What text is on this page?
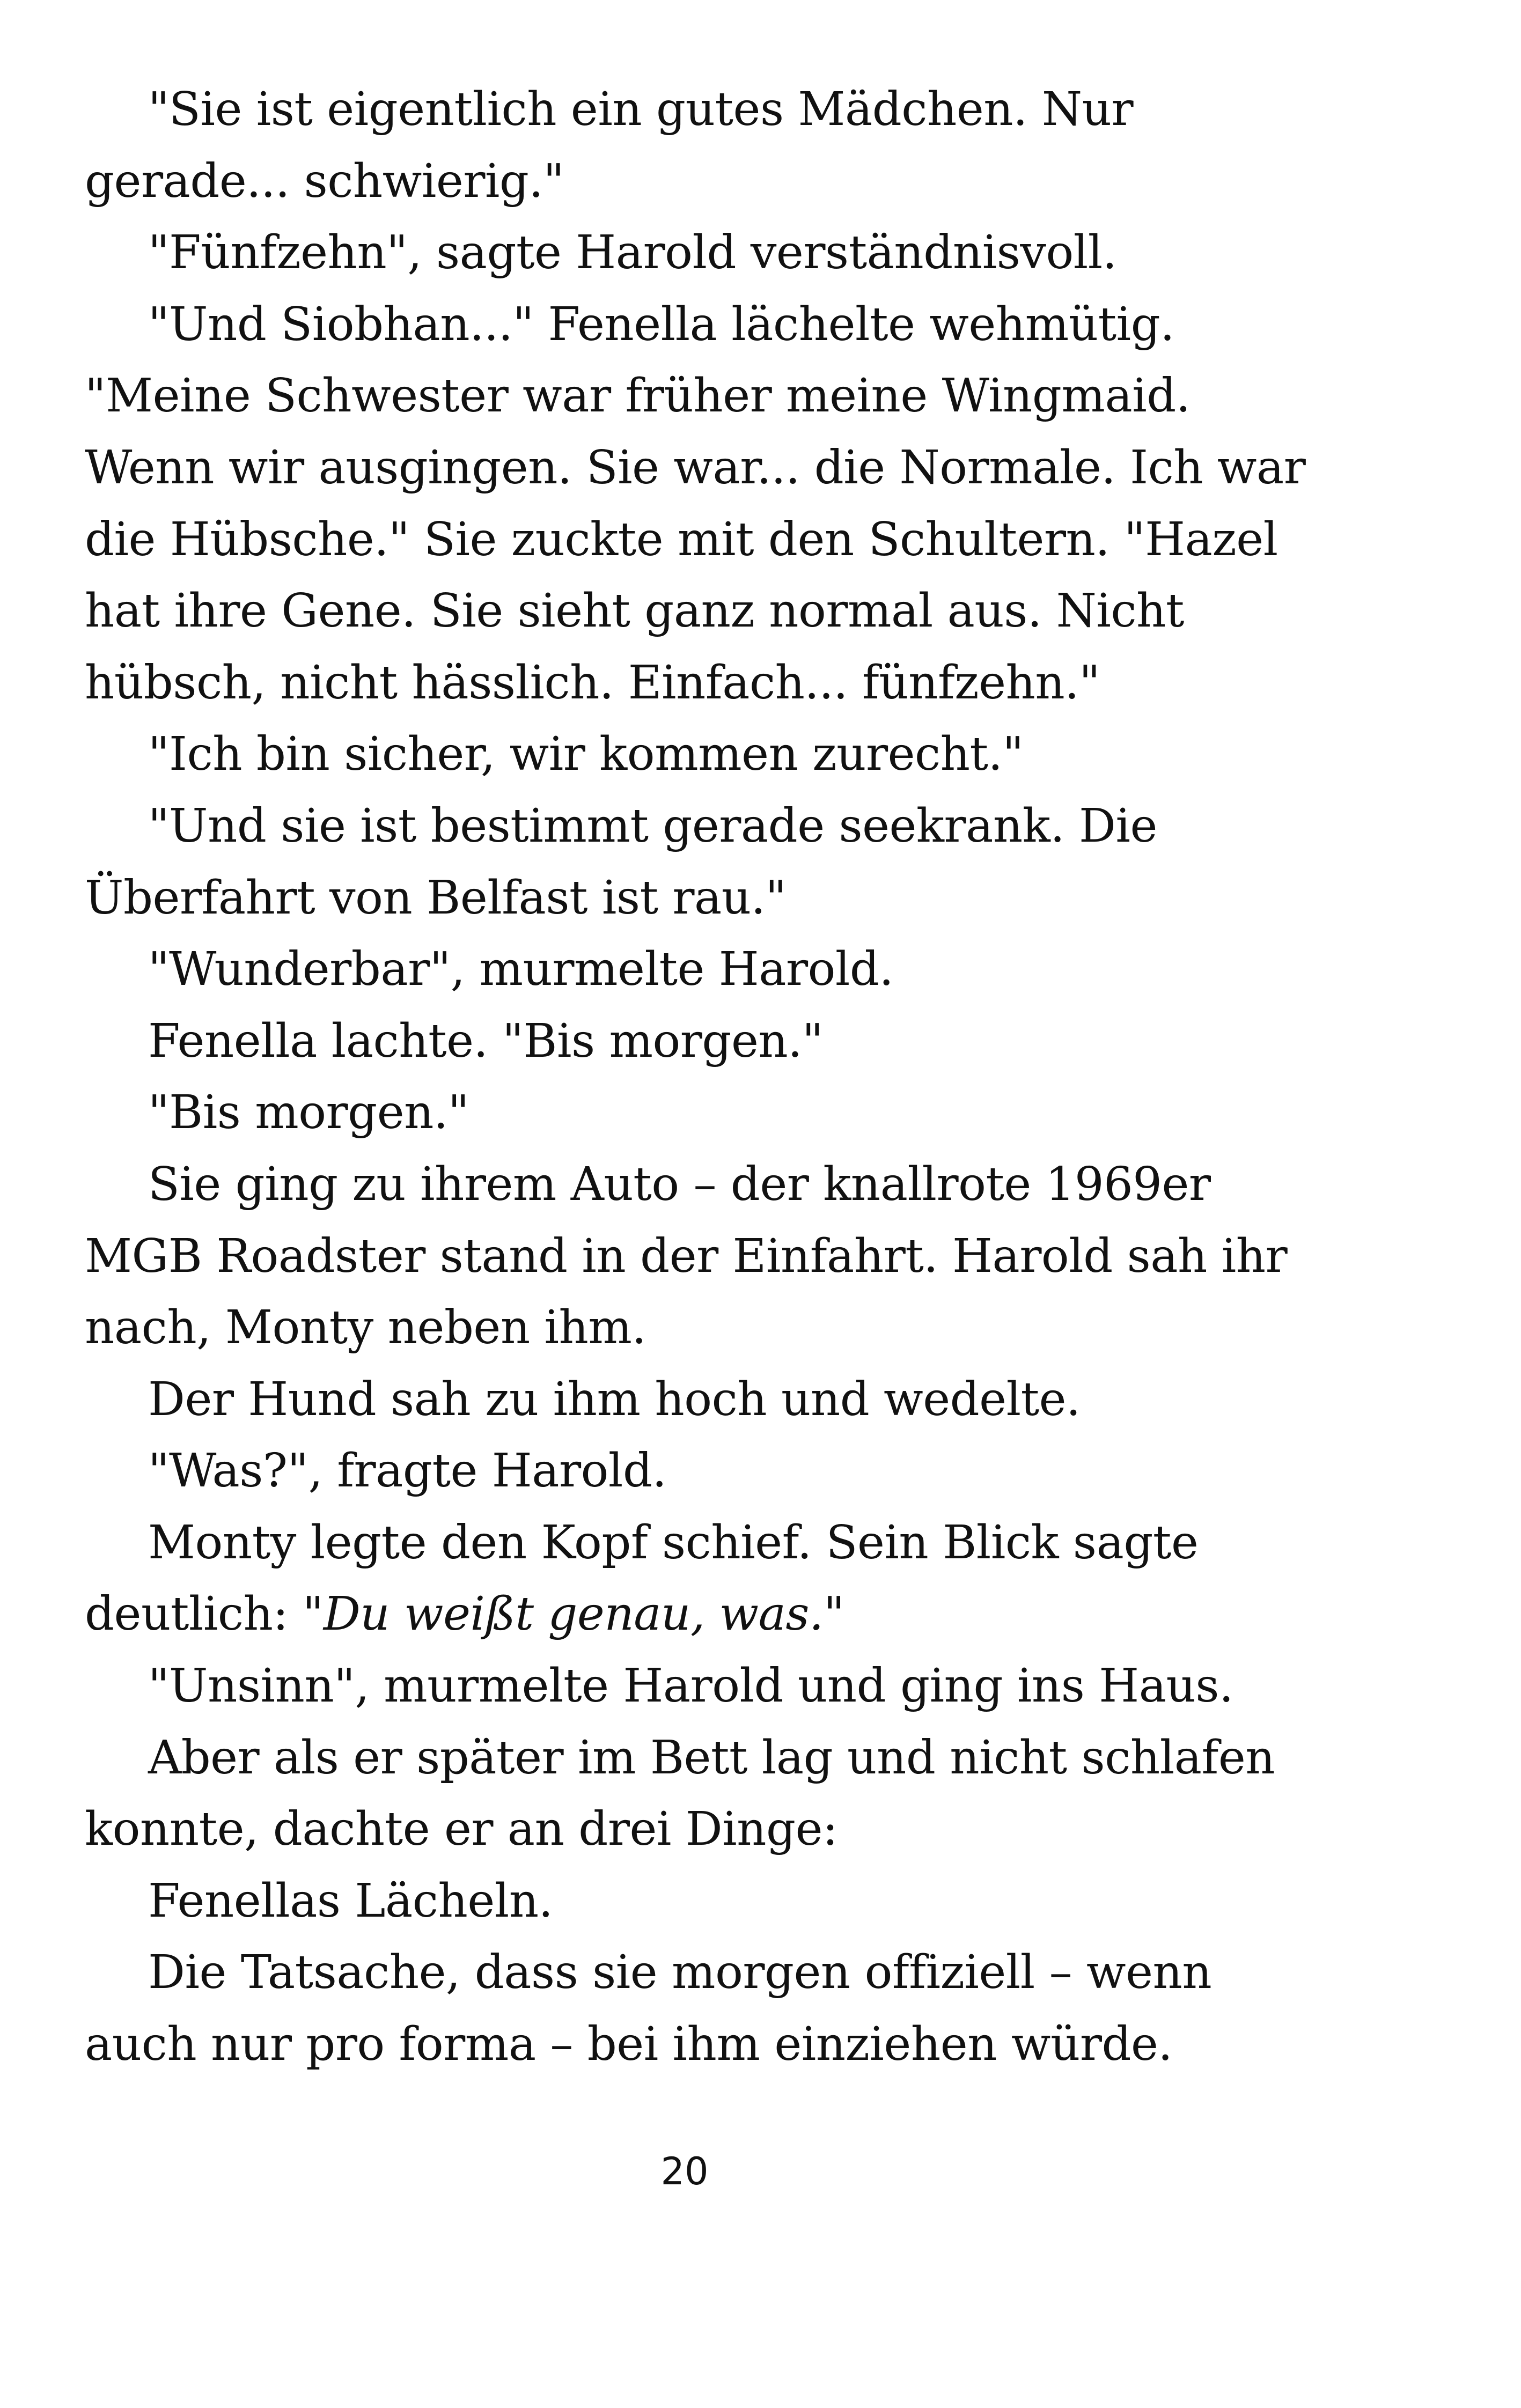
"Sie ist eigentlich ein gutes Mädchen. Nur
gerade... schwierig."
"Fünfzehn", sagte Harold verständnisvoll.
"Und Siobhan..." Fenella lächelte wehmütig.
"Meine Schwester war früher meine Wingmaid.
Wenn wir ausgingen. Sie war... die Normale. Ich war
die Hübsche." Sie zuckte mit den Schultern. "Hazel
hat ihre Gene. Sie sieht ganz normal aus. Nicht
hübsch, nicht hässlich. Einfach... fünfzehn."
"Ich bin sicher, wir kommen zurecht."
"Und sie ist bestimmt gerade seekrank. Die
Überfahrt von Belfast ist rau."
"Wunderbar", murmelte Harold.
Fenella lachte. "Bis morgen."
"Bis morgen."
Sie ging zu ihrem Auto – der knallrote 1969er
MGB Roadster stand in der Einfahrt. Harold sah ihr
nach, Monty neben ihm.
Der Hund sah zu ihm hoch und wedelte.
"Was?", fragte Harold.
Monty legte den Kopf schief. Sein Blick sagte
deutlich: "Du weißt genau, was."
"Unsinn", murmelte Harold und ging ins Haus.
Aber als er später im Bett lag und nicht schlafen
konnte, dachte er an drei Dinge:
Fenellas Lächeln.
Die Tatsache, dass sie morgen offiziell – wenn
auch nur pro forma – bei ihm einziehen würde.
20
